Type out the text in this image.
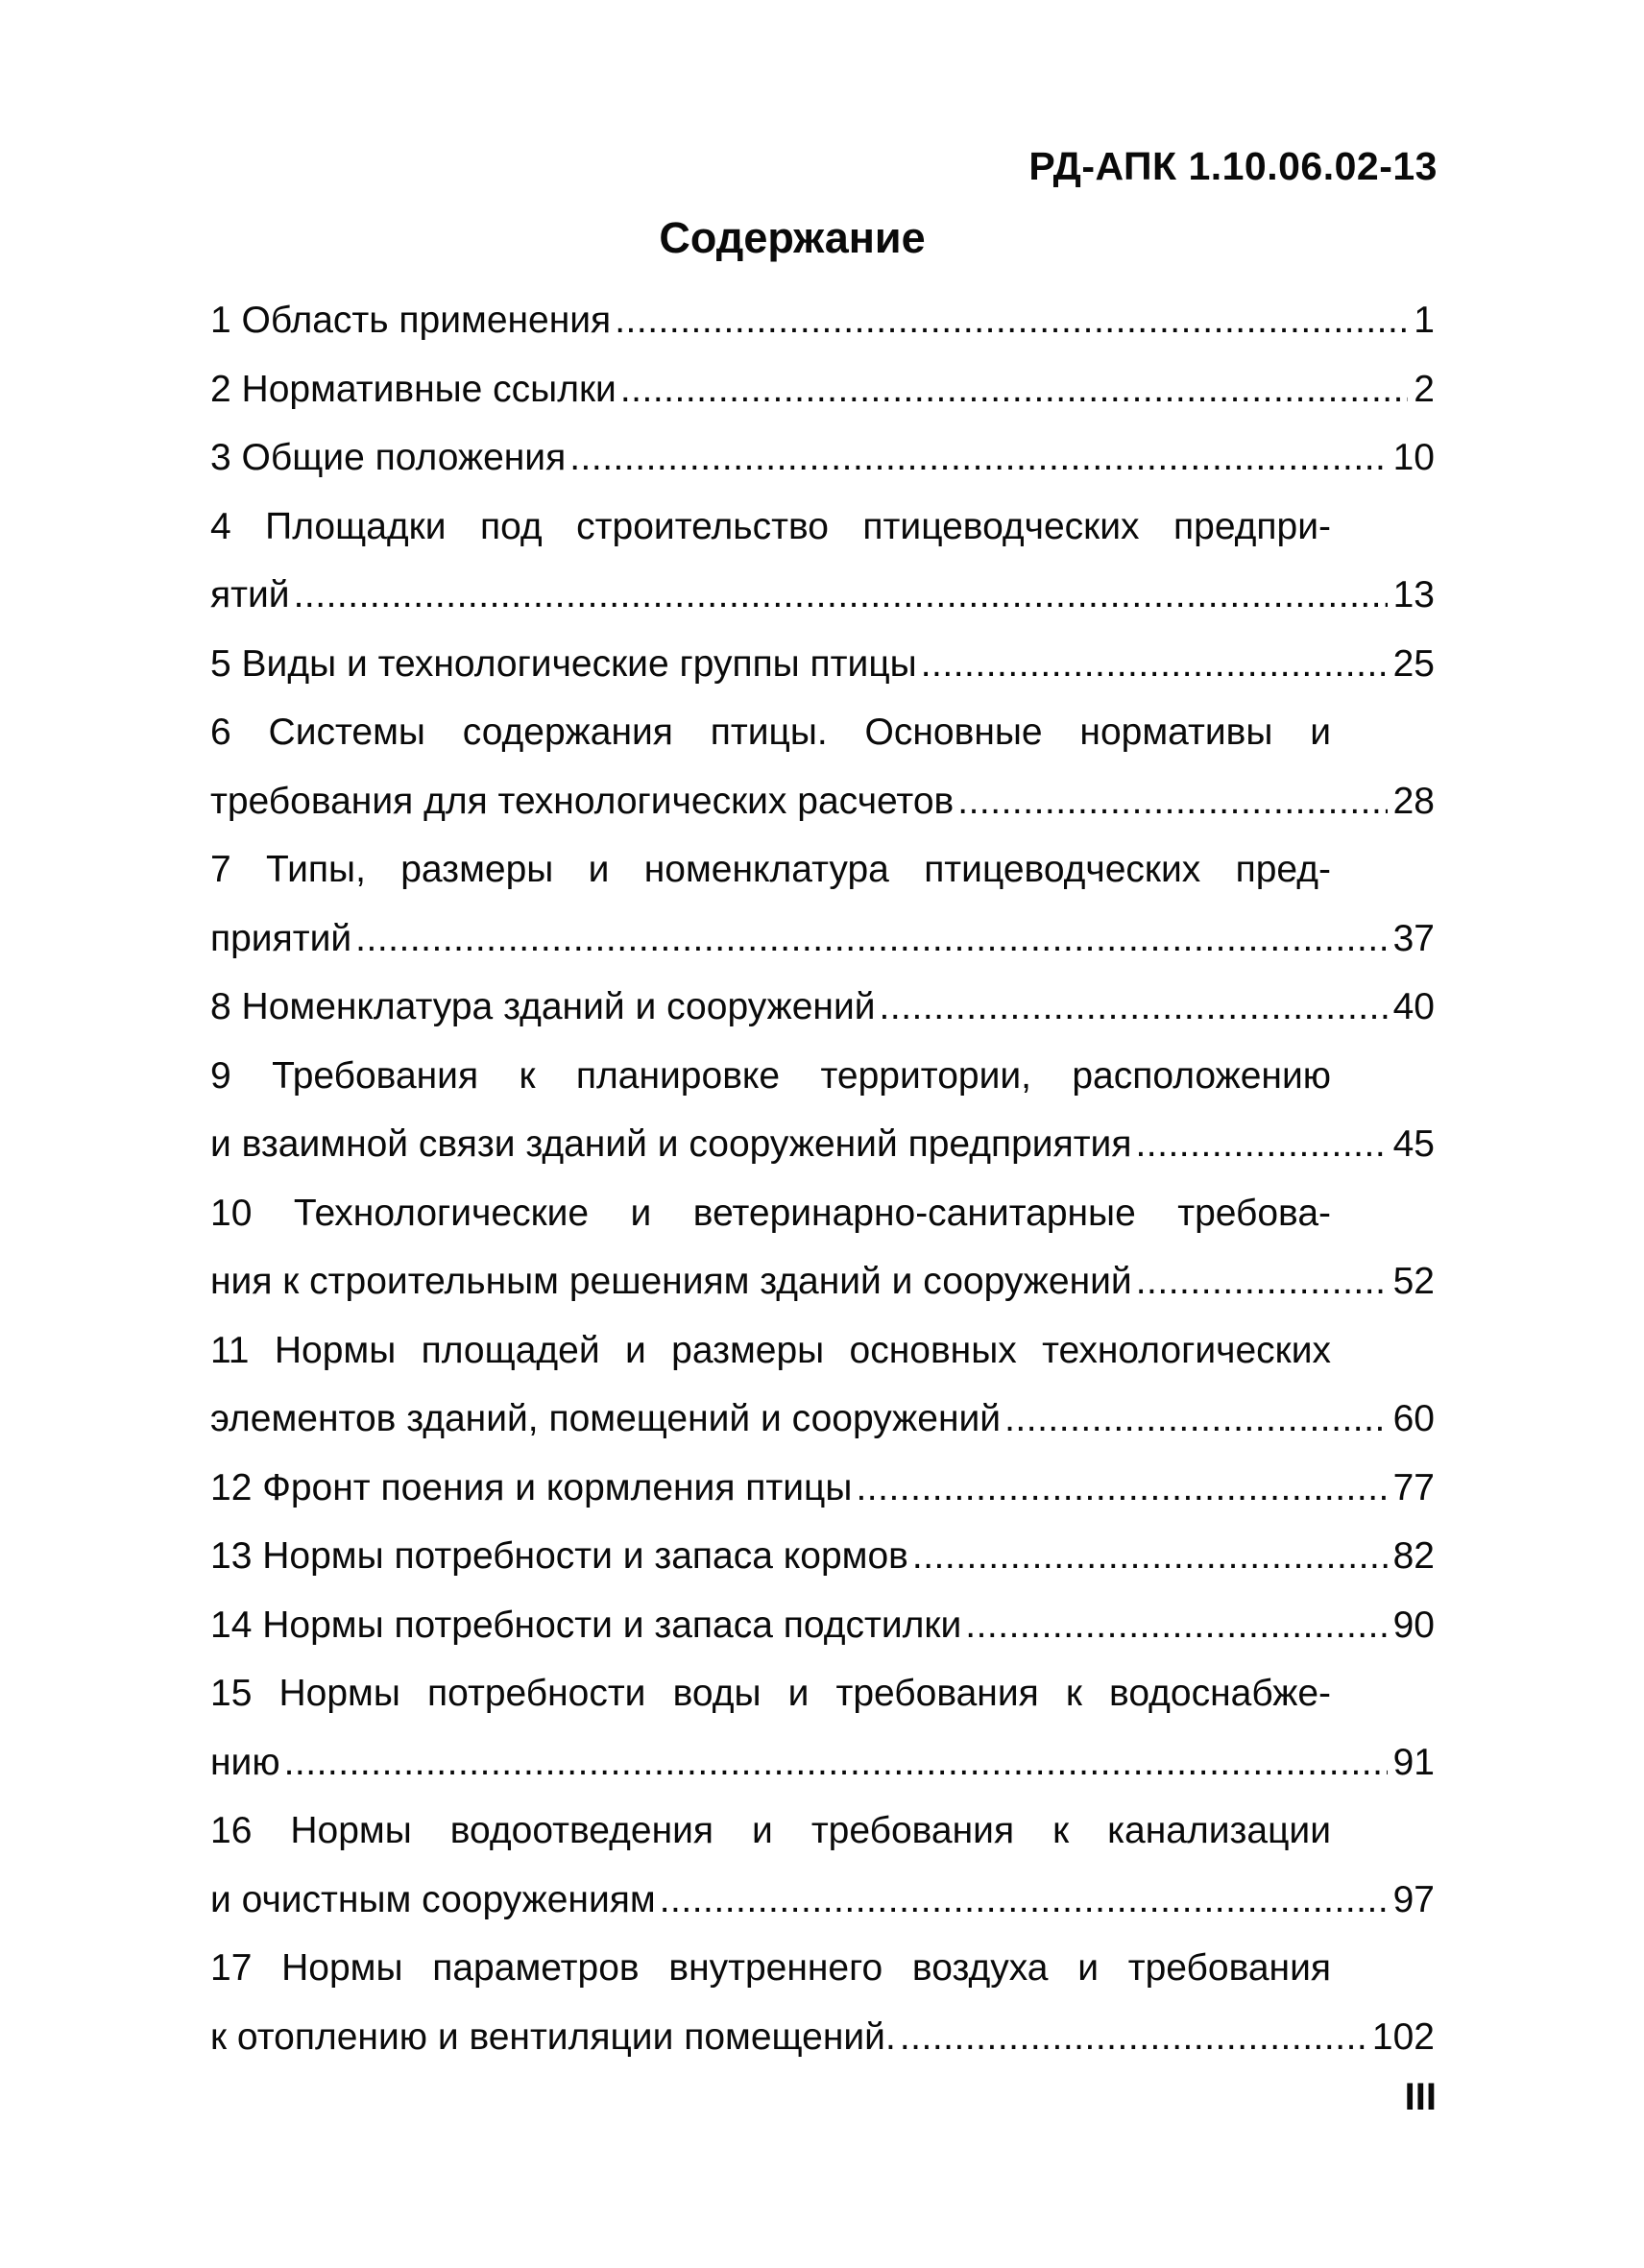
РД-АПК 1.10.06.02-13
Содержание
1 Область применения .....	1
2 Нормативные ссылки .....	2
3 Общие положения .....	10
4 Площадки под строительство птицеводческих предпри-
ятий .....	13
5 Виды и технологические группы птицы .....	25
6 Системы содержания птицы. Основные нормативы и
требования для технологических расчетов .....	28
7 Типы, размеры и номенклатура птицеводческих пред-
приятий .....	37
8 Номенклатура зданий и сооружений .....	40
9 Требования к планировке территории, расположению
и взаимной связи зданий и сооружений предприятия .....	45
10 Технологические и ветеринарно-санитарные требова-
ния к строительным решениям зданий и сооружений .....	52
11 Нормы площадей и размеры основных технологических
элементов зданий, помещений и сооружений .....	60
12 Фронт поения и кормления птицы .....	77
13 Нормы потребности и запаса кормов .....	82
14 Нормы потребности и запаса подстилки .....	90
15 Нормы потребности воды и требования к водоснабже-
нию .....	91
16 Нормы водоотведения и требования к канализации
и очистным сооружениям .....	97
17 Нормы параметров внутреннего воздуха и требования
к отоплению и вентиляции помещений. .....	102
III
